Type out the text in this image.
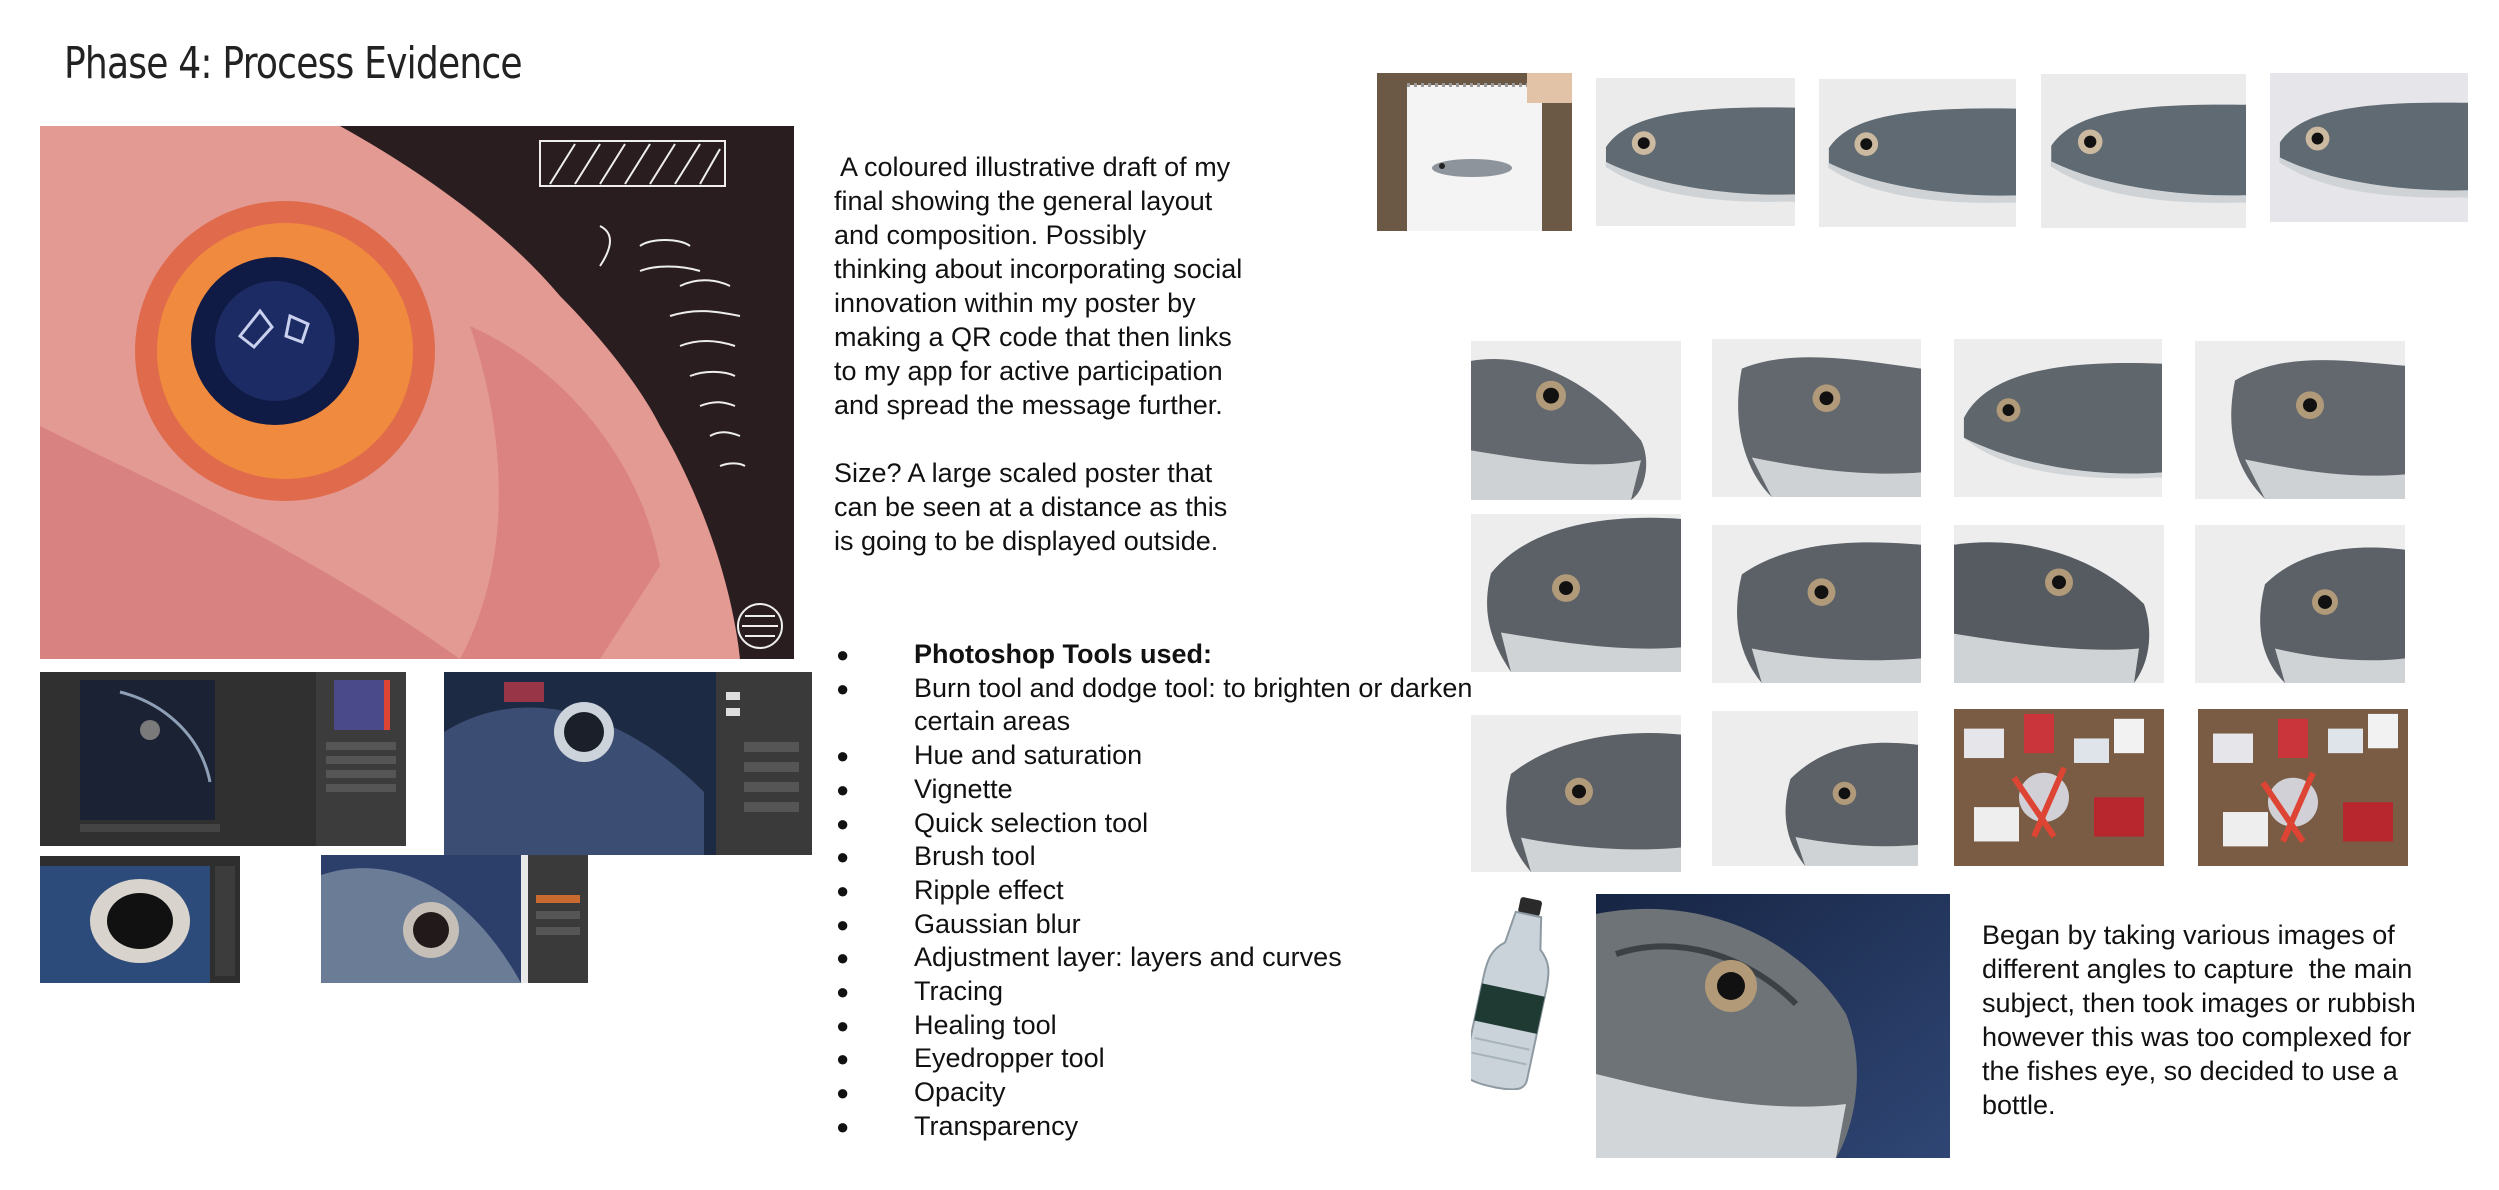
Phase 4: Process Evidence
A coloured illustrative draft of my
final showing the general layout
and composition. Possibly
thinking about incorporating social
innovation within my poster by
making a QR code that then links
to my app for active participation
and spread the message further.
Size? A large scaled poster that
can be seen at a distance as this
is going to be displayed outside.
● Photoshop Tools used:
● Burn tool and dodge tool: to brighten or darken
certain areas
● Hue and saturation
● Vignette
● Quick selection tool
● Brush tool
● Ripple effect
● Gaussian blur
● Adjustment layer: layers and curves
● Tracing
● Healing tool
● Eyedropper tool
● Opacity
● Transparency
Began by taking various images of
different angles to capture  the main
subject, then took images or rubbish
however this was too complexed for
the fishes eye, so decided to use a
bottle.
